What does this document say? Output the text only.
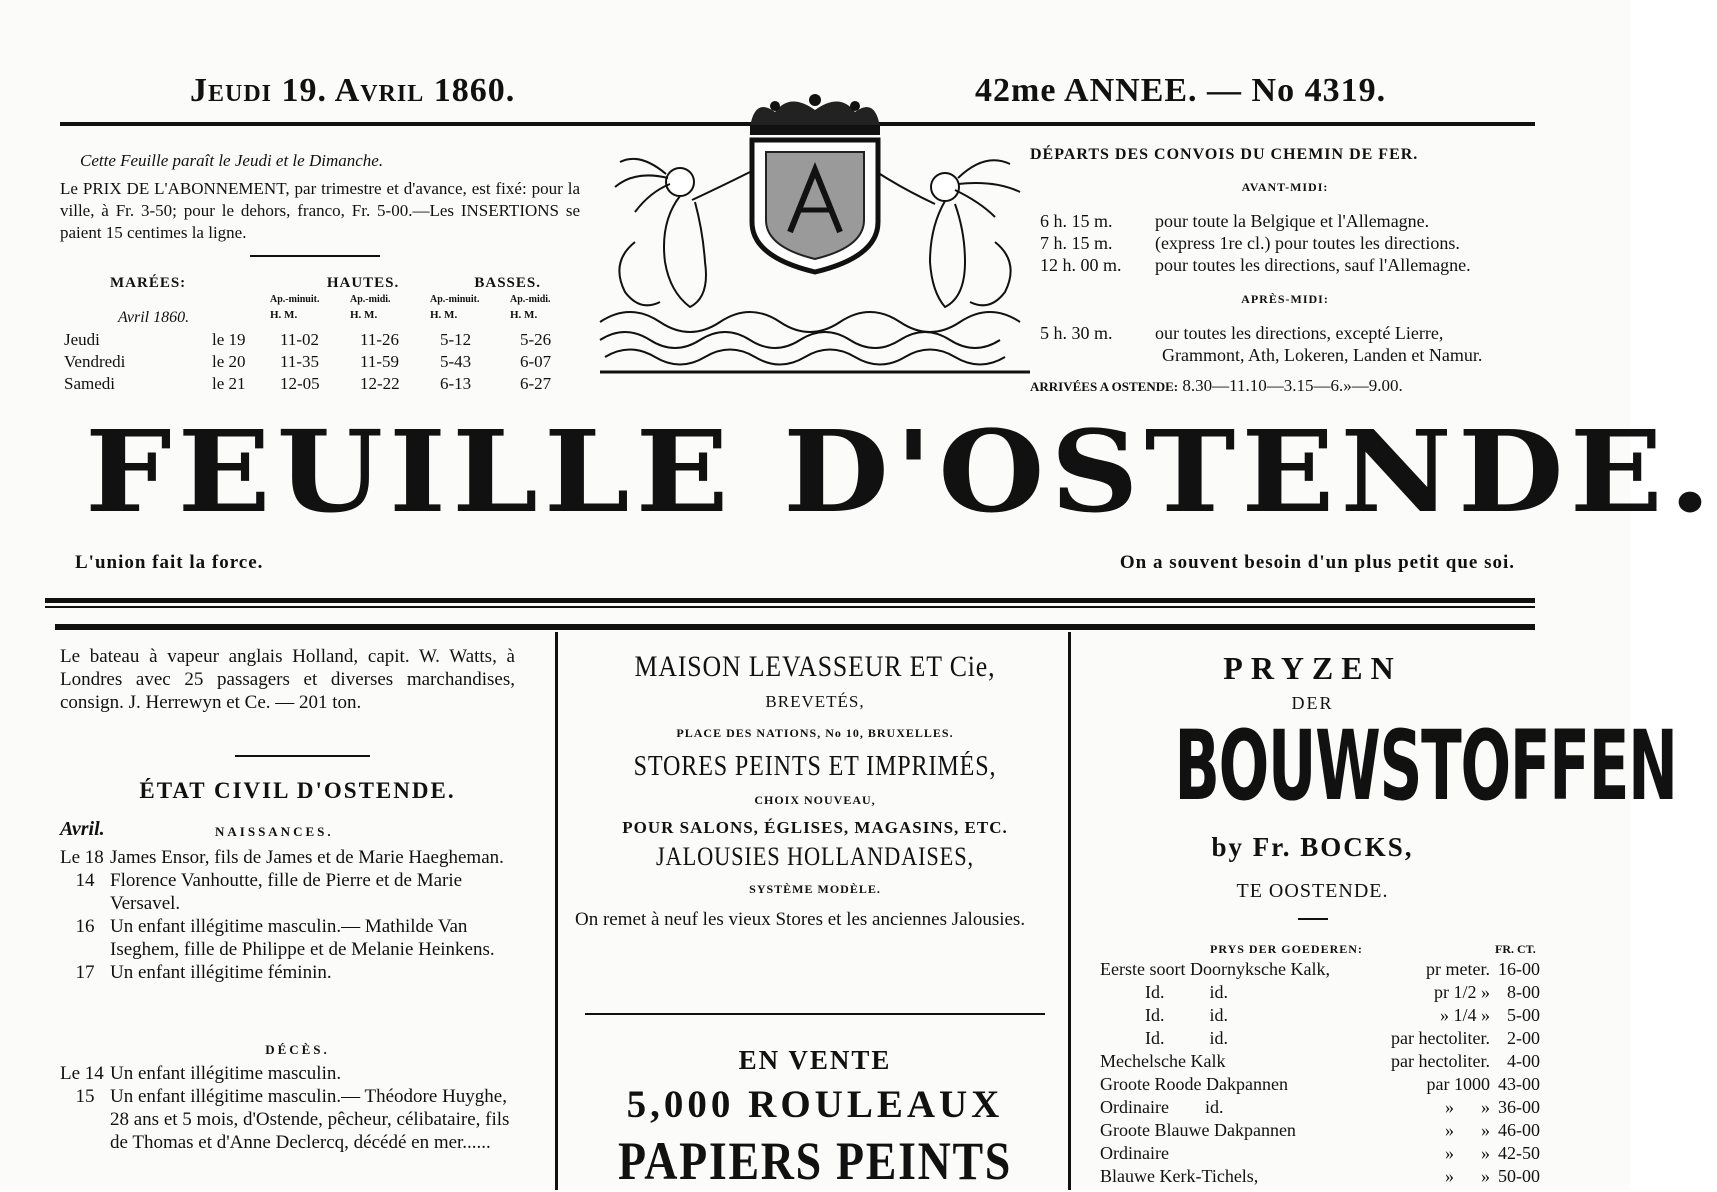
Jeudi 19. Avril 1860.	42me ANNEE. — No 4319.
Cette Feuille paraît le Jeudi et le Dimanche.
Le PRIX DE L'ABONNEMENT, par trimestre et d'avance, est fixé: pour la ville, à Fr. 3-50; pour le dehors, franco, Fr. 5-00.—Les INSERTIONS se paient 15 centimes la ligne.
MARÉES:	HAUTES.	BASSES.
Ap.-minuit.	Ap.-midi.	Ap.-minuit.	Ap.-midi.
Avril 1860.	H. M.	H. M.	H. M.	H. M.
Jeudi	le 19	11-02	11-26	5-12	5-26
Vendredi	le 20	11-35	11-59	5-43	6-07
Samedi	le 21	12-05	12-22	6-13	6-27
DÉPARTS DES CONVOIS DU CHEMIN DE FER.
AVANT-MIDI:
6 h. 15 m.	pour toute la Belgique et l'Allemagne.
7 h. 15 m.	(express 1re cl.) pour toutes les directions.
12 h. 00 m.	pour toutes les directions, sauf l'Allemagne.
APRÈS-MIDI:
5 h. 30 m.	our toutes les directions, excepté Lierre,
Grammont, Ath, Lokeren, Landen et Namur.
ARRIVÉES A OSTENDE: 8.30—11.10—3.15—6.»—9.00.
FEUILLE D'OSTENDE.
L'union fait la force.	On a souvent besoin d'un plus petit que soi.
Le bateau à vapeur anglais Holland, capit. W. Watts, à Londres avec 25 passagers et diverses marchandises, consign. J. Herrewyn et Ce. — 201 ton.
ÉTAT CIVIL D'OSTENDE.
Avril.	NAISSANCES.
Le 18 James Ensor, fils de James et de Marie Haegheman.
14 Florence Vanhoutte, fille de Pierre et de Marie Versavel.
16 Un enfant illégitime masculin.— Mathilde Van Iseghem, fille de Philippe et de Melanie Heinkens.
17 Un enfant illégitime féminin.
DÉCÈS.
Le 14 Un enfant illégitime masculin.
15 Un enfant illégitime masculin.— Théodore Huyghe, 28 ans et 5 mois, d'Ostende, pêcheur, célibataire, fils de Thomas et d'Anne Declercq, décédé en mer......
MAISON LEVASSEUR ET Cie,
BREVETÉS,
PLACE DES NATIONS, No 10, BRUXELLES.
STORES PEINTS ET IMPRIMÉS,
CHOIX NOUVEAU,
POUR SALONS, ÉGLISES, MAGASINS, ETC.
JALOUSIES HOLLANDAISES,
SYSTÈME MODÈLE.
On remet à neuf les vieux Stores et les anciennes Jalousies.
EN VENTE
5,000 ROULEAUX
PAPIERS PEINTS
PRYZEN
DER
BOUWSTOFFEN
by Fr. BOCKS,
TE OOSTENDE.
PRYS DER GOEDEREN:	FR. CT.
Eerste soort Doornyksche Kalk,	pr meter.	16-00
Id.          id.	pr 1/2 »	8-00
Id.          id.	» 1/4 »	5-00
Id.          id.	par hectoliter.	2-00
Mechelsche Kalk	par hectoliter.	4-00
Groote Roode Dakpannen	par 1000	43-00
Ordinaire        id.	»      »	36-00
Groote Blauwe Dakpannen	»      »	46-00
Ordinaire	»      »	42-50
Blauwe Kerk-Tichels,	»      »	50-00
